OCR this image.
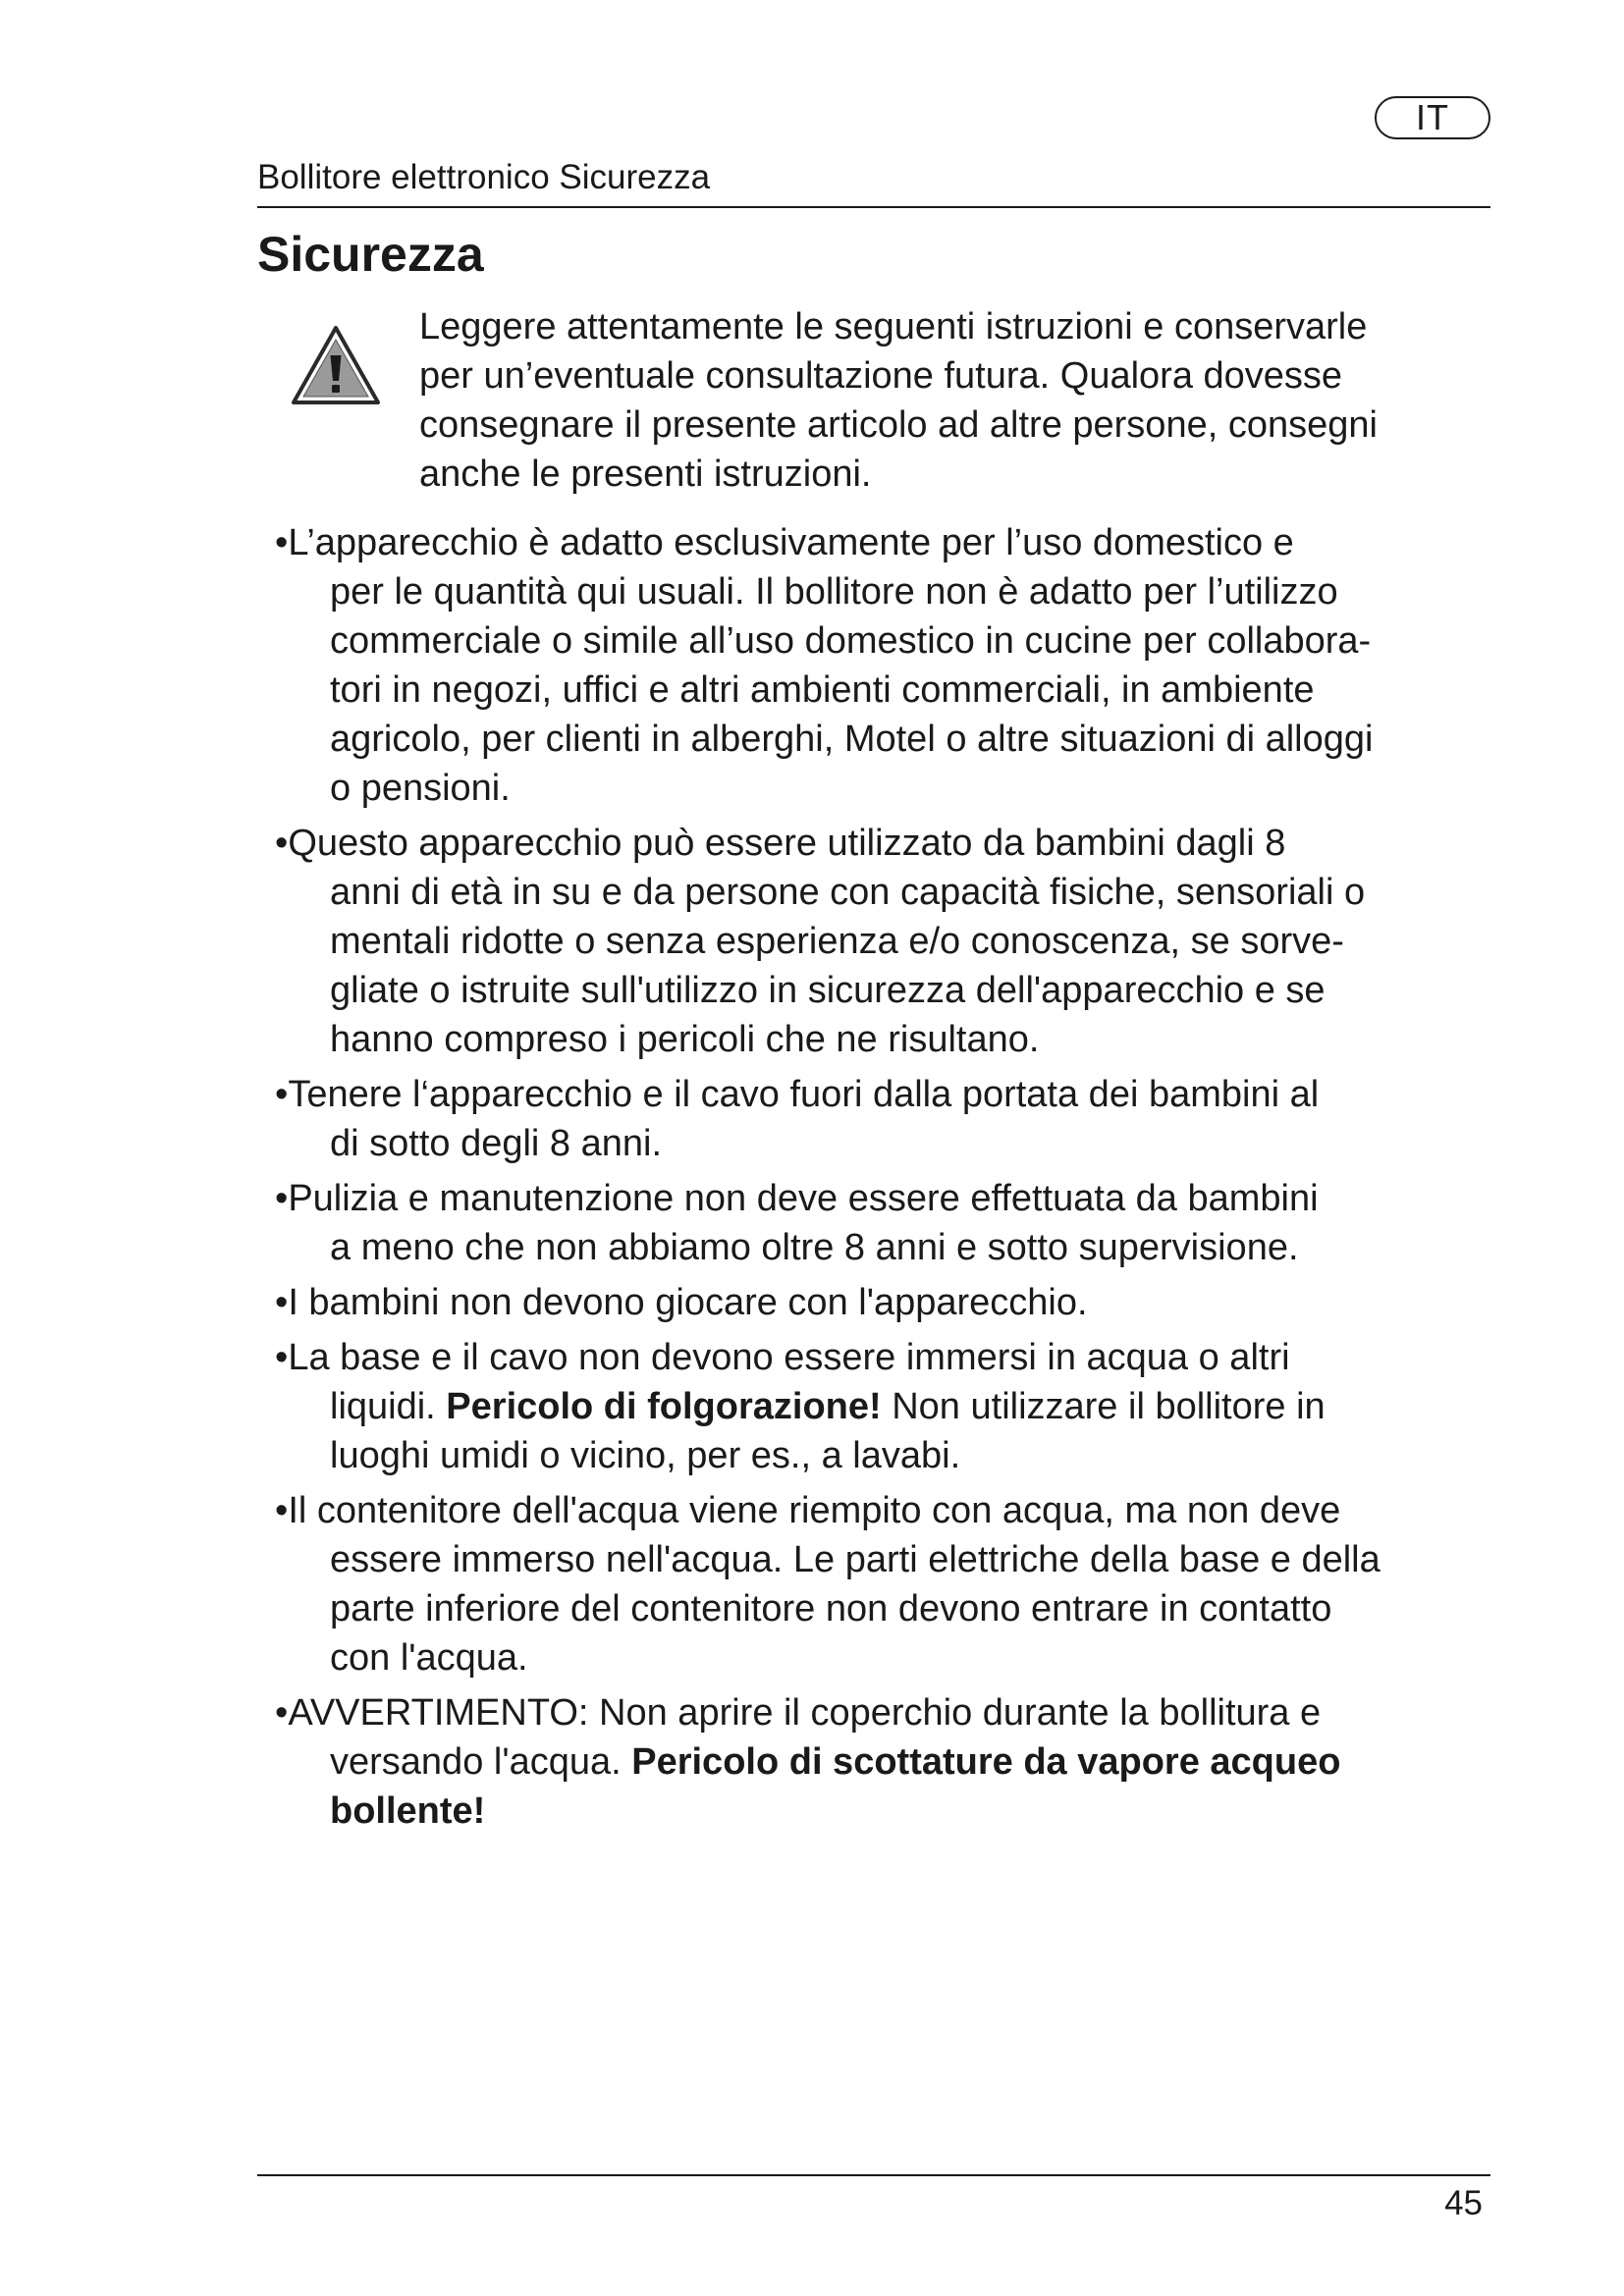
IT
Bollitore elettronico Sicurezza
Sicurezza

Leggere attentamente le seguenti istruzioni e conservarle
per un’eventuale consultazione futura. Qualora dovesse
consegnare il presente articolo ad altre persone, consegni
anche le presenti istruzioni.

•L’apparecchio è adatto esclusivamente per l’uso domestico e
per le quantità qui usuali. Il bollitore non è adatto per l’utilizzo
commerciale o simile all’uso domestico in cucine per collabora-
tori in negozi, uffici e altri ambienti commerciali, in ambiente
agricolo, per clienti in alberghi, Motel o altre situazioni di alloggi
o pensioni.
•Questo apparecchio può essere utilizzato da bambini dagli 8
anni di età in su e da persone con capacità fisiche, sensoriali o
mentali ridotte o senza esperienza e/o conoscenza, se sorve-
gliate o istruite sull'utilizzo in sicurezza dell'apparecchio e se
hanno compreso i pericoli che ne risultano.
•Tenere l‘apparecchio e il cavo fuori dalla portata dei bambini al
di sotto degli 8 anni.
•Pulizia e manutenzione non deve essere effettuata da bambini
a meno che non abbiamo oltre 8 anni e sotto supervisione.
•I bambini non devono giocare con l'apparecchio.
•La base e il cavo non devono essere immersi in acqua o altri
liquidi. Pericolo di folgorazione! Non utilizzare il bollitore in
luoghi umidi o vicino, per es., a lavabi.
•Il contenitore dell'acqua viene riempito con acqua, ma non deve
essere immerso nell'acqua. Le parti elettriche della base e della
parte inferiore del contenitore non devono entrare in contatto
con l'acqua.
•AVVERTIMENTO: Non aprire il coperchio durante la bollitura e
versando l'acqua. Pericolo di scottature da vapore acqueo
bollente!
45
